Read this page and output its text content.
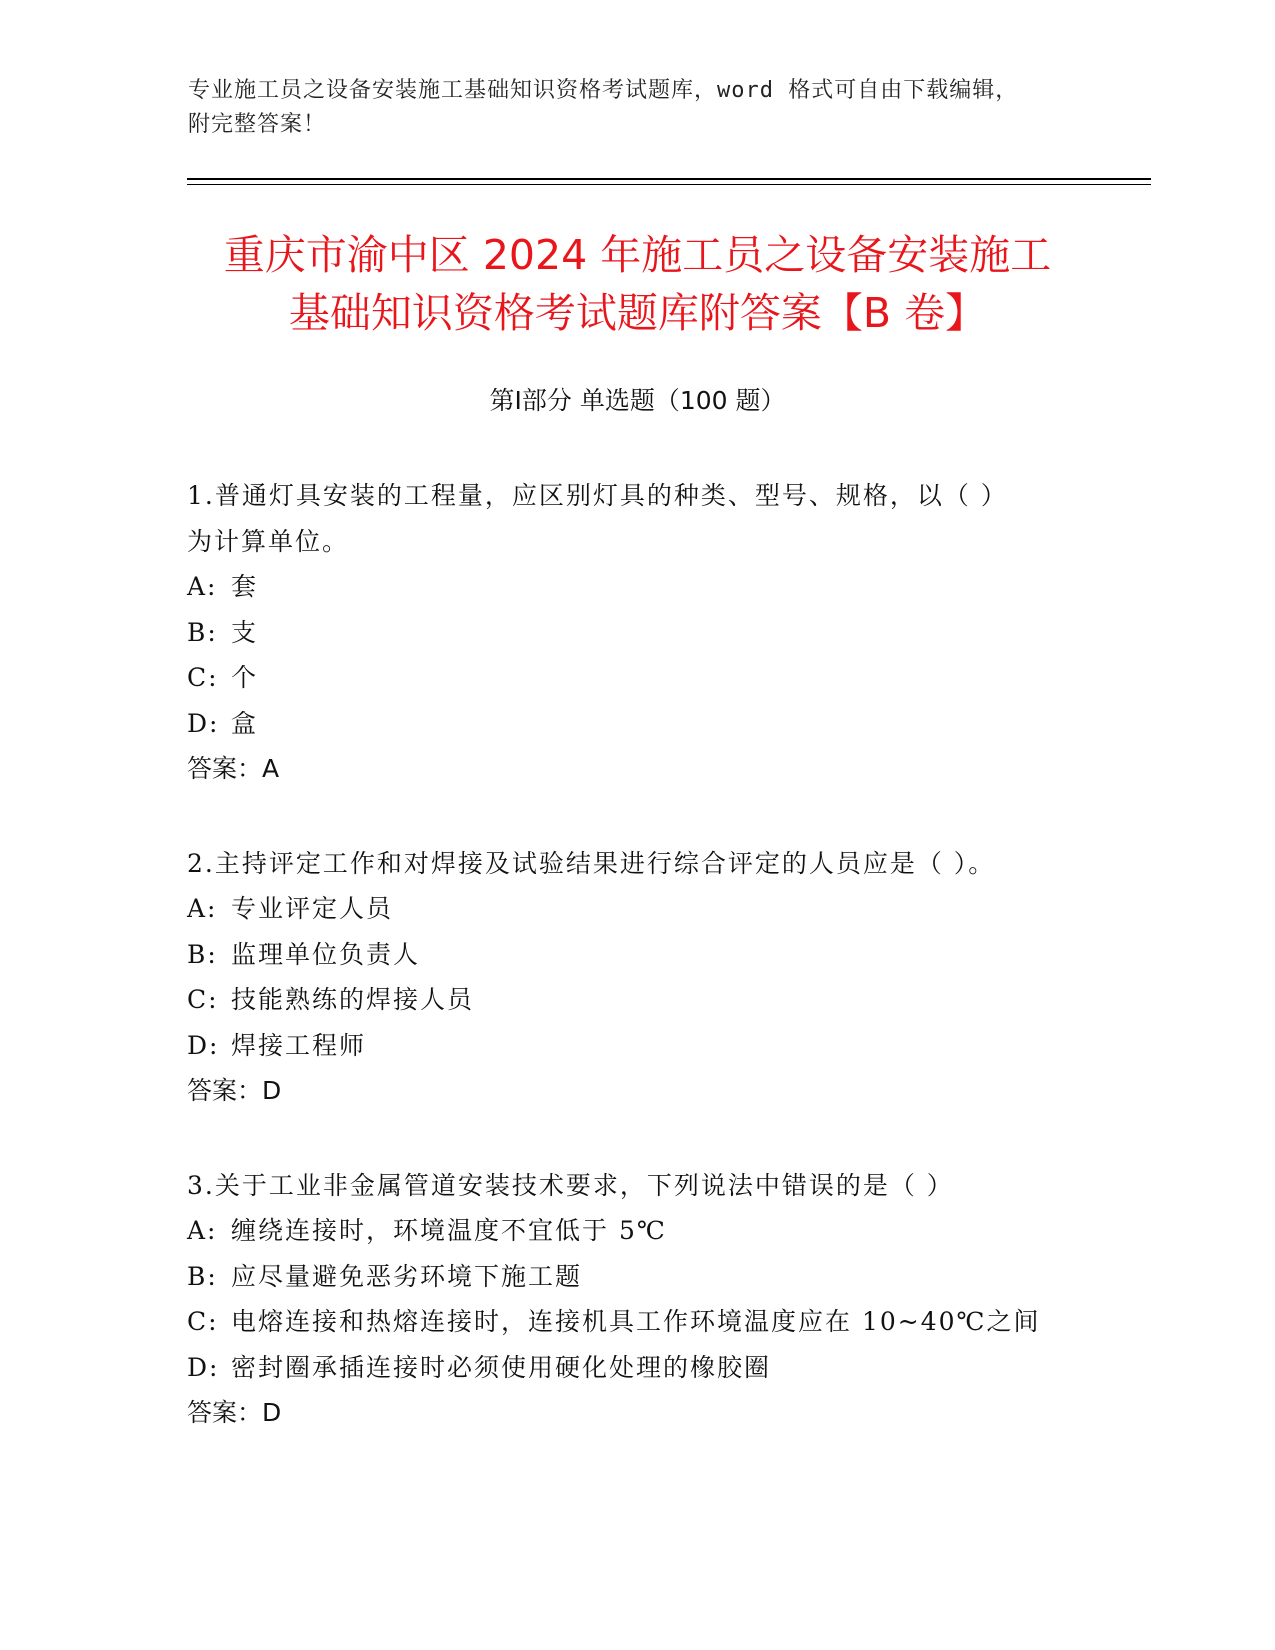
专业施工员之设备安装施工基础知识资格考试题库，word 格式可自由下载编辑，
附完整答案！
重庆市渝中区 2024 年施工员之设备安装施工
基础知识资格考试题库附答案【B 卷】
第Ⅰ部分 单选题（100 题）
1.普通灯具安装的工程量，应区别灯具的种类、型号、规格，以（ ）
为计算单位。
A: 套
B: 支
C: 个
D: 盒
答案：A
2.主持评定工作和对焊接及试验结果进行综合评定的人员应是（ ）。
A: 专业评定人员
B: 监理单位负责人
C: 技能熟练的焊接人员
D: 焊接工程师
答案：D
3.关于工业非金属管道安装技术要求，下列说法中错误的是（ ）
A: 缠绕连接时，环境温度不宜低于 5℃
B: 应尽量避免恶劣环境下施工题
C: 电熔连接和热熔连接时，连接机具工作环境温度应在 10~40℃之间
D: 密封圈承插连接时必须使用硬化处理的橡胶圈
答案：D
